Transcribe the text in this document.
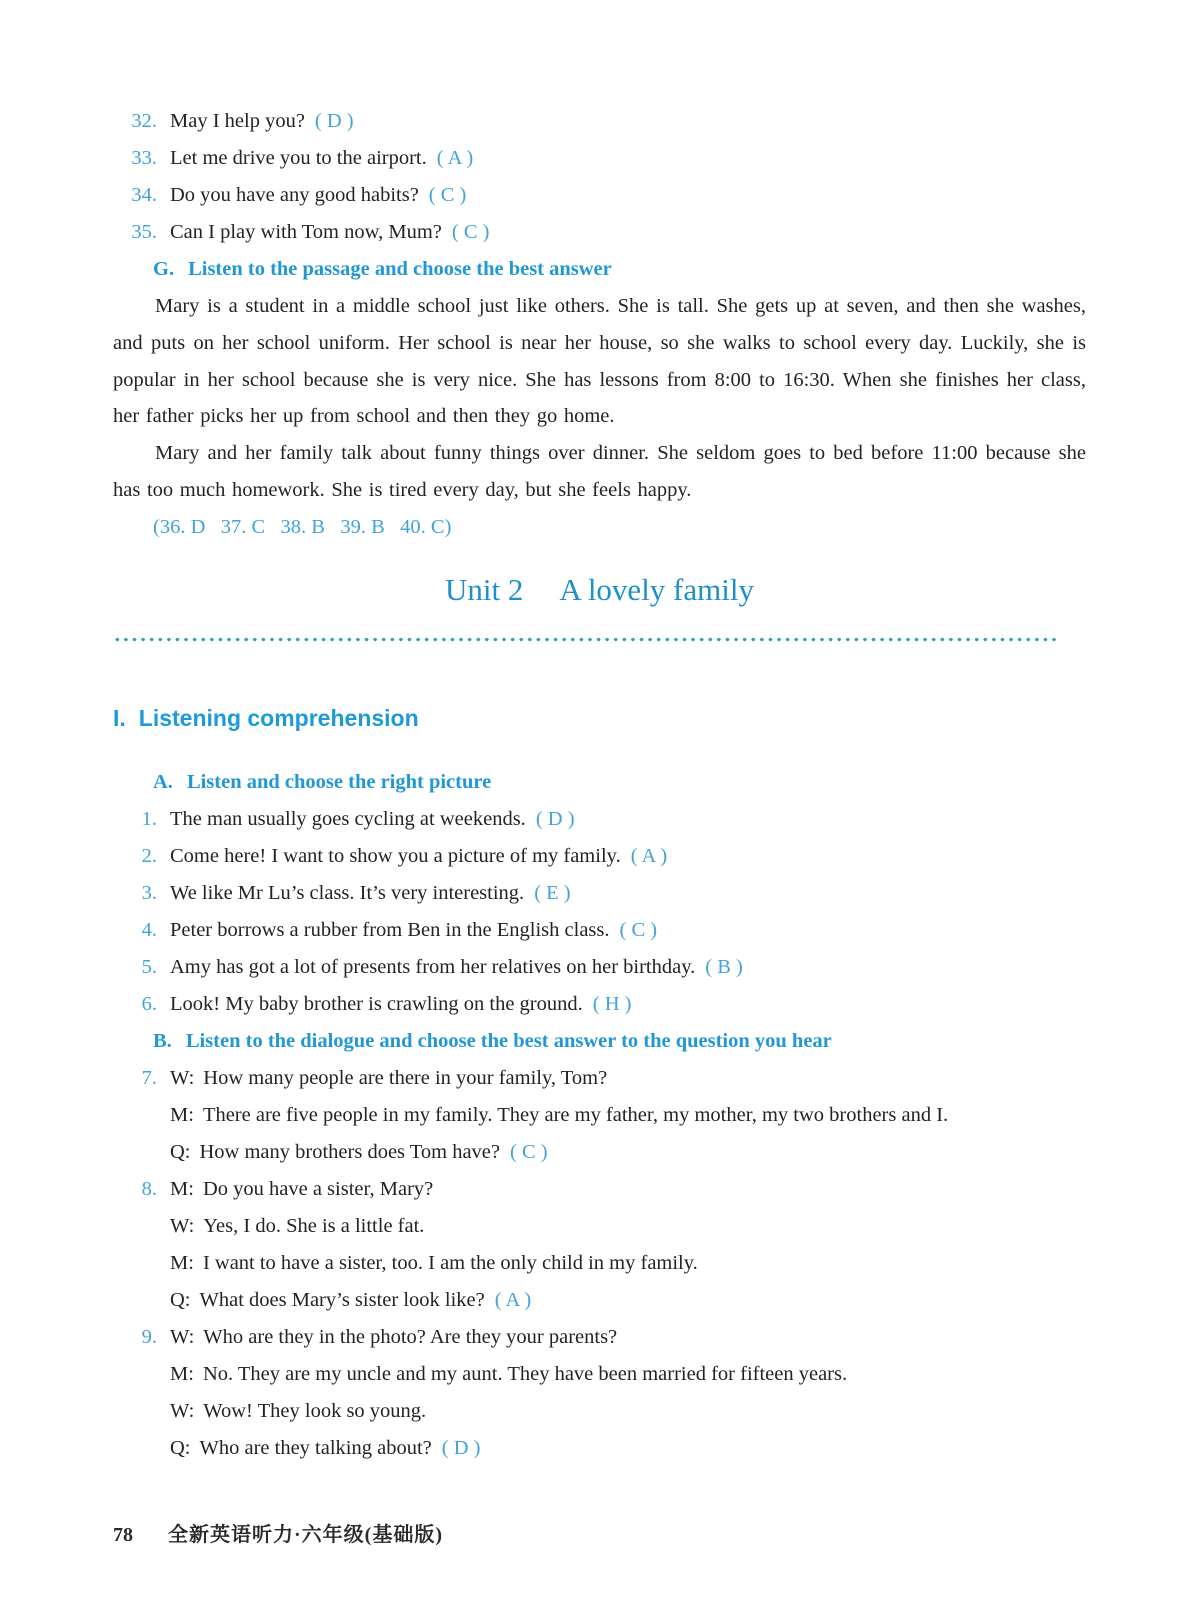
32. May I help you? ( D )
33. Let me drive you to the airport. ( A )
34. Do you have any good habits? ( C )
35. Can I play with Tom now, Mum? ( C )
G. Listen to the passage and choose the best answer

Mary is a student in a middle school just like others. She is tall. She gets up at seven, and then she washes, and puts on her school uniform. Her school is near her house, so she walks to school every day. Luckily, she is popular in her school because she is very nice. She has lessons from 8:00 to 16:30. When she finishes her class, her father picks her up from school and then they go home.

Mary and her family talk about funny things over dinner. She seldom goes to bed before 11:00 because she has too much homework. She is tired every day, but she feels happy.

(36. D   37. C   38. B   39. B   40. C)
Unit 2 A lovely family
I. Listening comprehension
A. Listen and choose the right picture
1. The man usually goes cycling at weekends. ( D )
2. Come here! I want to show you a picture of my family. ( A )
3. We like Mr Lu’s class. It’s very interesting. ( E )
4. Peter borrows a rubber from Ben in the English class. ( C )
5. Amy has got a lot of presents from her relatives on her birthday. ( B )
6. Look! My baby brother is crawling on the ground. ( H )
B. Listen to the dialogue and choose the best answer to the question you hear
7. W: How many people are there in your family, Tom?
M: There are five people in my family. They are my father, my mother, my two brothers and I.
Q: How many brothers does Tom have? ( C )
8. M: Do you have a sister, Mary?
W: Yes, I do. She is a little fat.
M: I want to have a sister, too. I am the only child in my family.
Q: What does Mary’s sister look like? ( A )
9. W: Who are they in the photo? Are they your parents?
M: No. They are my uncle and my aunt. They have been married for fifteen years.
W: Wow! They look so young.
Q: Who are they talking about? ( D )
78 全新英语听力·六年级(基础版)
